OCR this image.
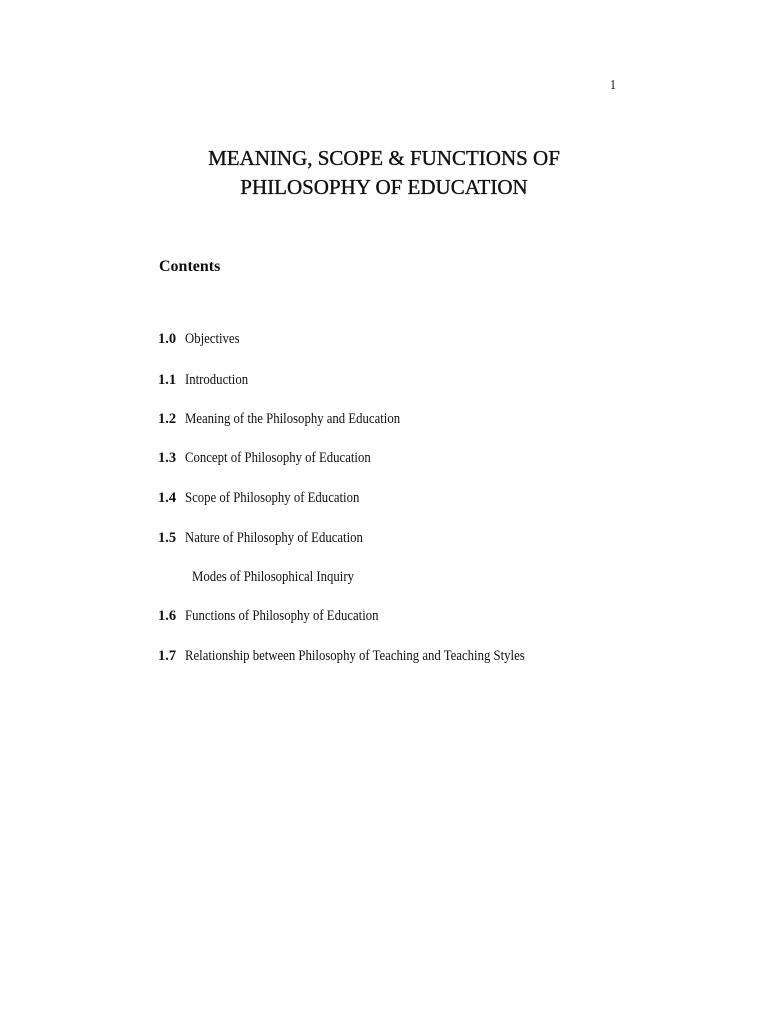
1
MEANING, SCOPE & FUNCTIONS OF
PHILOSOPHY OF EDUCATION
Contents
1.0 Objectives
1.1 Introduction
1.2 Meaning of the Philosophy and Education
1.3 Concept of Philosophy of Education
1.4 Scope of Philosophy of Education
1.5 Nature of Philosophy of Education
Modes of Philosophical Inquiry
1.6 Functions of Philosophy of Education
1.7 Relationship between Philosophy of Teaching and Teaching Styles
